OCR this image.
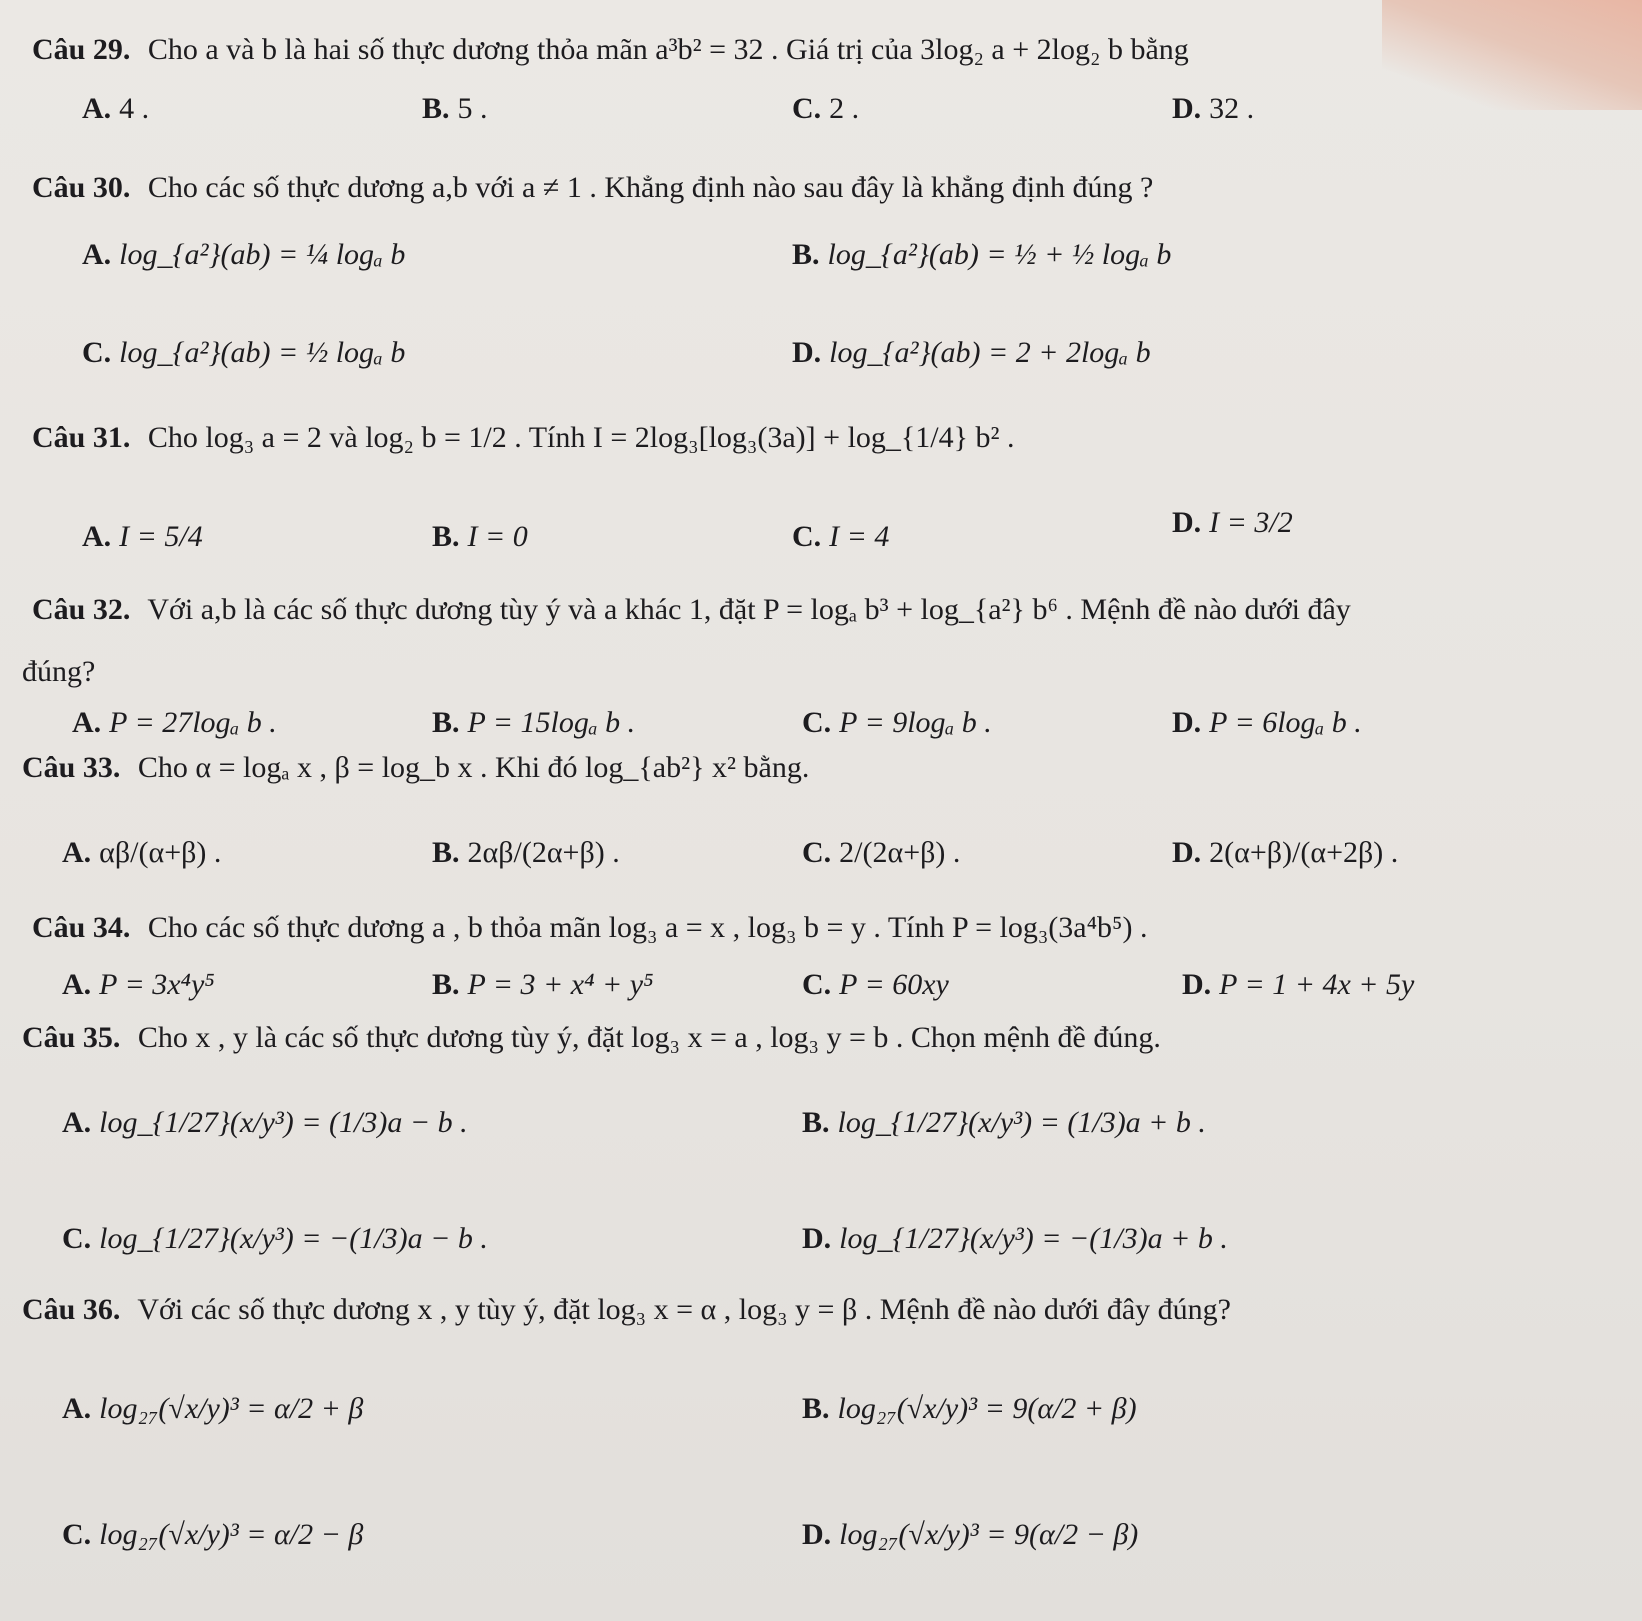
Câu 29. Cho a và b là hai số thực dương thỏa mãn a³b² = 32 . Giá trị của 3log₂ a + 2log₂ b bằng
A. 4 .	B. 5 .	C. 2 .	D. 32 .
Câu 30. Cho các số thực dương a,b với a ≠ 1 . Khẳng định nào sau đây là khẳng định đúng ?
A. log_{a²}(ab) = ¼ logₐ b	B. log_{a²}(ab) = ½ + ½ logₐ b
C. log_{a²}(ab) = ½ logₐ b	D. log_{a²}(ab) = 2 + 2logₐ b
Câu 31. Cho log₃ a = 2 và log₂ b = 1/2 . Tính I = 2log₃[log₃(3a)] + log_{1/4} b² .
A. I = 5/4	B. I = 0	C. I = 4	D. I = 3/2
Câu 32. Với a,b là các số thực dương tùy ý và a khác 1, đặt P = logₐ b³ + log_{a²} b⁶ . Mệnh đề nào dưới đây
đúng?
A. P = 27logₐ b .	B. P = 15logₐ b .	C. P = 9logₐ b .	D. P = 6logₐ b .
Câu 33. Cho α = logₐ x , β = log_b x . Khi đó log_{ab²} x² bằng.
A. αβ/(α+β) .	B. 2αβ/(2α+β) .	C. 2/(2α+β) .	D. 2(α+β)/(α+2β) .
Câu 34. Cho các số thực dương a , b thỏa mãn log₃ a = x , log₃ b = y . Tính P = log₃(3a⁴b⁵) .
A. P = 3x⁴y⁵	B. P = 3 + x⁴ + y⁵	C. P = 60xy	D. P = 1 + 4x + 5y
Câu 35. Cho x , y là các số thực dương tùy ý, đặt log₃ x = a , log₃ y = b . Chọn mệnh đề đúng.
A. log_{1/27}(x/y³) = (1/3)a − b .	B. log_{1/27}(x/y³) = (1/3)a + b .
C. log_{1/27}(x/y³) = −(1/3)a − b .	D. log_{1/27}(x/y³) = −(1/3)a + b .
Câu 36. Với các số thực dương x , y tùy ý, đặt log₃ x = α , log₃ y = β . Mệnh đề nào dưới đây đúng?
A. log₂₇(√x/y)³ = α/2 + β	B. log₂₇(√x/y)³ = 9(α/2 + β)
C. log₂₇(√x/y)³ = α/2 − β	D. log₂₇(√x/y)³ = 9(α/2 − β)
